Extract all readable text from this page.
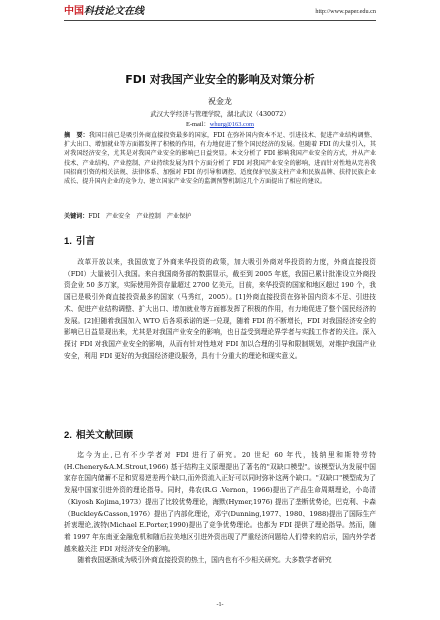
中国 科技论文在线	http://www.paper.edu.cn
FDI 对我国产业安全的影响及对策分析
祝金龙
武汉大学经济与管理学院，湖北武汉（430072）
E-mail：whurg@163.com
摘　要：我国目前已是吸引外商直接投资最多的国家，FDI 在弥补国内资本不足、引进技术、促进产业结构调整、扩大出口、增加就业等方面都发挥了积极的作用，有力地促进了整个国民经济的发展。但随着 FDI 的大量引入，其对我国经济安全，尤其是对我国产业安全的影响已日益突显。本文分析了 FDI 影响我国产业安全的方式，并从产业技术、产业结构、产业控制、产业持续发展为四个方面分析了 FDI 对我国产业安全的影响，进而针对性地从完善我国招商引资的相关法规、法律体系、加强对 FDI 的引导和调控、适度保护民族支柱产业和民族品牌、扶持民族企业成长、提升国内企业的竞争力、建立国家产业安全的监测预警机制这几个方面提出了相应的建议。
关键词：FDI　产业安全　产业控制　产业保护
1. 引言

改革开放以来，我国放宽了外商来华投资的政策，加大吸引外商对华投资的力度，外商直接投资（FDI）大量被引入我国。来自我国商务部的数据显示，截至到 2005 年底，我国已累计批准设立外商投资企业 50 多万家，实际使用外资存量超过 2700 亿美元，目前，来华投资的国家和地区超过 190 个，我国已是吸引外商直接投资最多的国家（马秀红，2005）。[1]外商直接投资在弥补国内资本不足、引进技术、促进产业结构调整、扩大出口、增加就业等方面都发挥了积极的作用，有力地促进了整个国民经济的发展。[2]但随着我国加入 WTO 后各项承诺的逐一兑现，随着 FDI 的不断增长，FDI 对我国经济安全的影响已日益显现出来，尤其是对我国产业安全的影响，也日益受到理论界学者与实践工作者的关注。深入探讨 FDI 对我国产业安全的影响，从而有针对性地对 FDI 加以合理的引导和限制规划，对维护我国产业安全，利用 FDI 更好的为我国经济建设服务，具有十分重大的理论和现实意义。

2. 相关文献回顾

迄今为止,已有不少学者对 FDI 进行了研究。20 世纪 60 年代，钱纳里和斯特劳特(H.Chenery&A.M.Strout,1966) 基于结构主义原理提出了著名的"双缺口模型"。该模型认为发展中国家存在国内储蓄不足和贸易逆差两个缺口,而外资流入正好可以同时弥补这两个缺口。"双缺口"模型成为了发展中国家引进外资的理论指导。同时，弗农(R.G .Vernon，1966)提出了产品生命周期理论，小岛清（Kiyosh Kojima,1973）提出了比较优势理论，海默(Hymer,1976) 提出了垄断优势论，巴克利、卡森（Buckley&Casson,1976）提出了内部化理论，邓宁(Dunning,1977、1980、1988)提出了国际生产折衷理论,波特(Michael E.Porter,1990)提出了竞争优势理论。也都为 FDI 提供了理论指导。然而，随着 1997 年东南亚金融危机和随后拉美地区引进外资出现了严重经济问题给人们带来的启示，国内外学者越来越关注 FDI 对经济安全的影响。

随着我国逐渐成为吸引外商直接投资的热土，国内也有不少相关研究。大多数学者研究

-1-
